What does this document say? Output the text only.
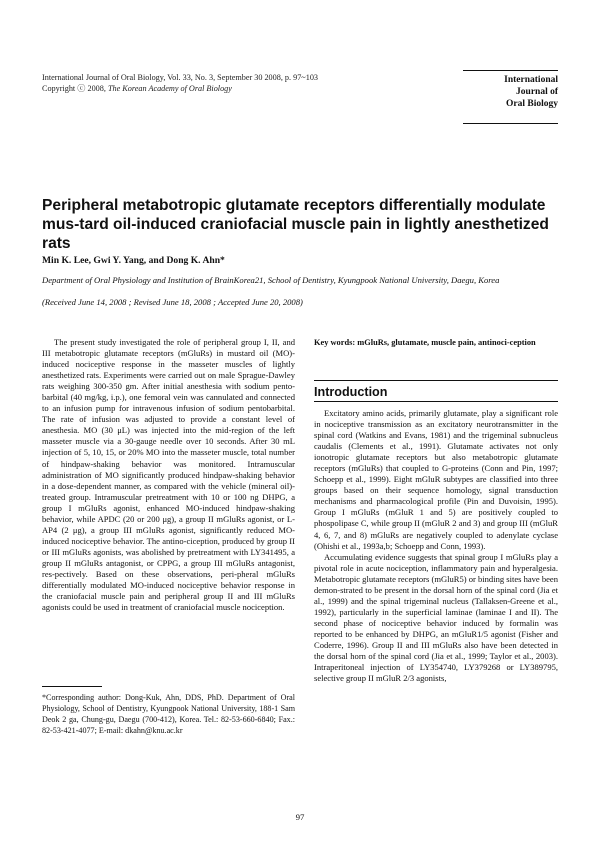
International Journal of Oral Biology, Vol. 33, No. 3, September 30 2008, p. 97~103
Copyright ⓒ 2008, The Korean Academy of Oral Biology
International
Journal of
Oral Biology
Peripheral metabotropic glutamate receptors differentially modulate mus-tard oil-induced craniofacial muscle pain in lightly anesthetized rats
Min K. Lee, Gwi Y. Yang, and Dong K. Ahn*
Department of Oral Physiology and Institution of BrainKorea21, School of Dentistry, Kyungpook National University, Daegu, Korea
(Received June 14, 2008 ; Revised June 18, 2008 ; Accepted June 20, 2008)

The present study investigated the role of peripheral group I, II, and III metabotropic glutamate receptors (mGluRs) in mustard oil (MO)-induced nociceptive response in the masseter muscles of lightly anesthetized rats. Experiments were carried out on male Sprague-Dawley rats weighing 300-350 gm. After initial anesthesia with sodium pento-barbital (40 mg/kg, i.p.), one femoral vein was cannulated and connected to an infusion pump for intravenous infusion of sodium pentobarbital. The rate of infusion was adjusted to provide a constant level of anesthesia. MO (30 μL) was injected into the mid-region of the left masseter muscle via a 30-gauge needle over 10 seconds. After 30 mL injection of 5, 10, 15, or 20% MO into the masseter muscle, total number of hindpaw-shaking behavior was monitored. Intramuscular administration of MO significantly produced hindpaw-shaking behavior in a dose-dependent manner, as compared with the vehicle (mineral oil)-treated group. Intramuscular pretreatment with 10 or 100 ng DHPG, a group I mGluRs agonist, enhanced MO-induced hindpaw-shaking behavior, while APDC (20 or 200 μg), a group II mGluRs agonist, or L-AP4 (2 μg), a group III mGluRs agonist, significantly reduced MO-induced nociceptive behavior. The antino-ciception, produced by group II or III mGluRs agonists, was abolished by pretreatment with LY341495, a group II mGluRs antagonist, or CPPG, a group III mGluRs antagonist, res-pectively. Based on these observations, peri-pheral mGluRs differentially modulated MO-induced nociceptive behavior response in the craniofacial muscle pain and peripheral group II and III mGluRs agonists could be used in treatment of craniofacial muscle nociception.

Key words: mGluRs, glutamate, muscle pain, antinoci-ception
Introduction

Excitatory amino acids, primarily glutamate, play a significant role in nociceptive transmission as an excitatory neurotransmitter in the spinal cord (Watkins and Evans, 1981) and the trigeminal subnucleus caudalis (Clements et al., 1991). Glutamate activates not only ionotropic glutamate receptors but also metabotropic glutamate receptors (mGluRs) that coupled to G-proteins (Conn and Pin, 1997; Schoepp et al., 1999). Eight mGluR subtypes are classified into three groups based on their sequence homology, signal transduction mechanisms and pharmacological profile (Pin and Duvoisin, 1995). Group I mGluRs (mGluR 1 and 5) are positively coupled to phospolipase C, while group II (mGluR 2 and 3) and group III (mGluR 4, 6, 7, and 8) mGluRs are negatively coupled to adenylate cyclase (Ohishi et al., 1993a,b; Schoepp and Conn, 1993).

Accumulating evidence suggests that spinal group I mGluRs play a pivotal role in acute nociception, inflammatory pain and hyperalgesia. Metabotropic glutamate receptors (mGluR5) or binding sites have been demon-strated to be present in the dorsal horn of the spinal cord (Jia et al., 1999) and the spinal trigeminal nucleus (Tallaksen-Greene et al., 1992), particularly in the superficial laminae (laminae I and II). The second phase of nociceptive behavior induced by formalin was reported to be enhanced by DHPG, an mGluR1/5 agonist (Fisher and Coderre, 1996). Group II and III mGluRs also have been detected in the dorsal horn of the spinal cord (Jia et al., 1999; Taylor et al., 2003). Intraperitoneal injection of LY354740, LY379268 or LY389795, selective group II mGluR 2/3 agonists,

*Corresponding author: Dong-Kuk, Ahn, DDS, PhD. Department of Oral Physiology, School of Dentistry, Kyungpook National University, 188-1 Sam Deok 2 ga, Chung-gu, Daegu (700-412), Korea. Tel.: 82-53-660-6840; Fax.: 82-53-421-4077; E-mail: dkahn@knu.ac.kr
97
